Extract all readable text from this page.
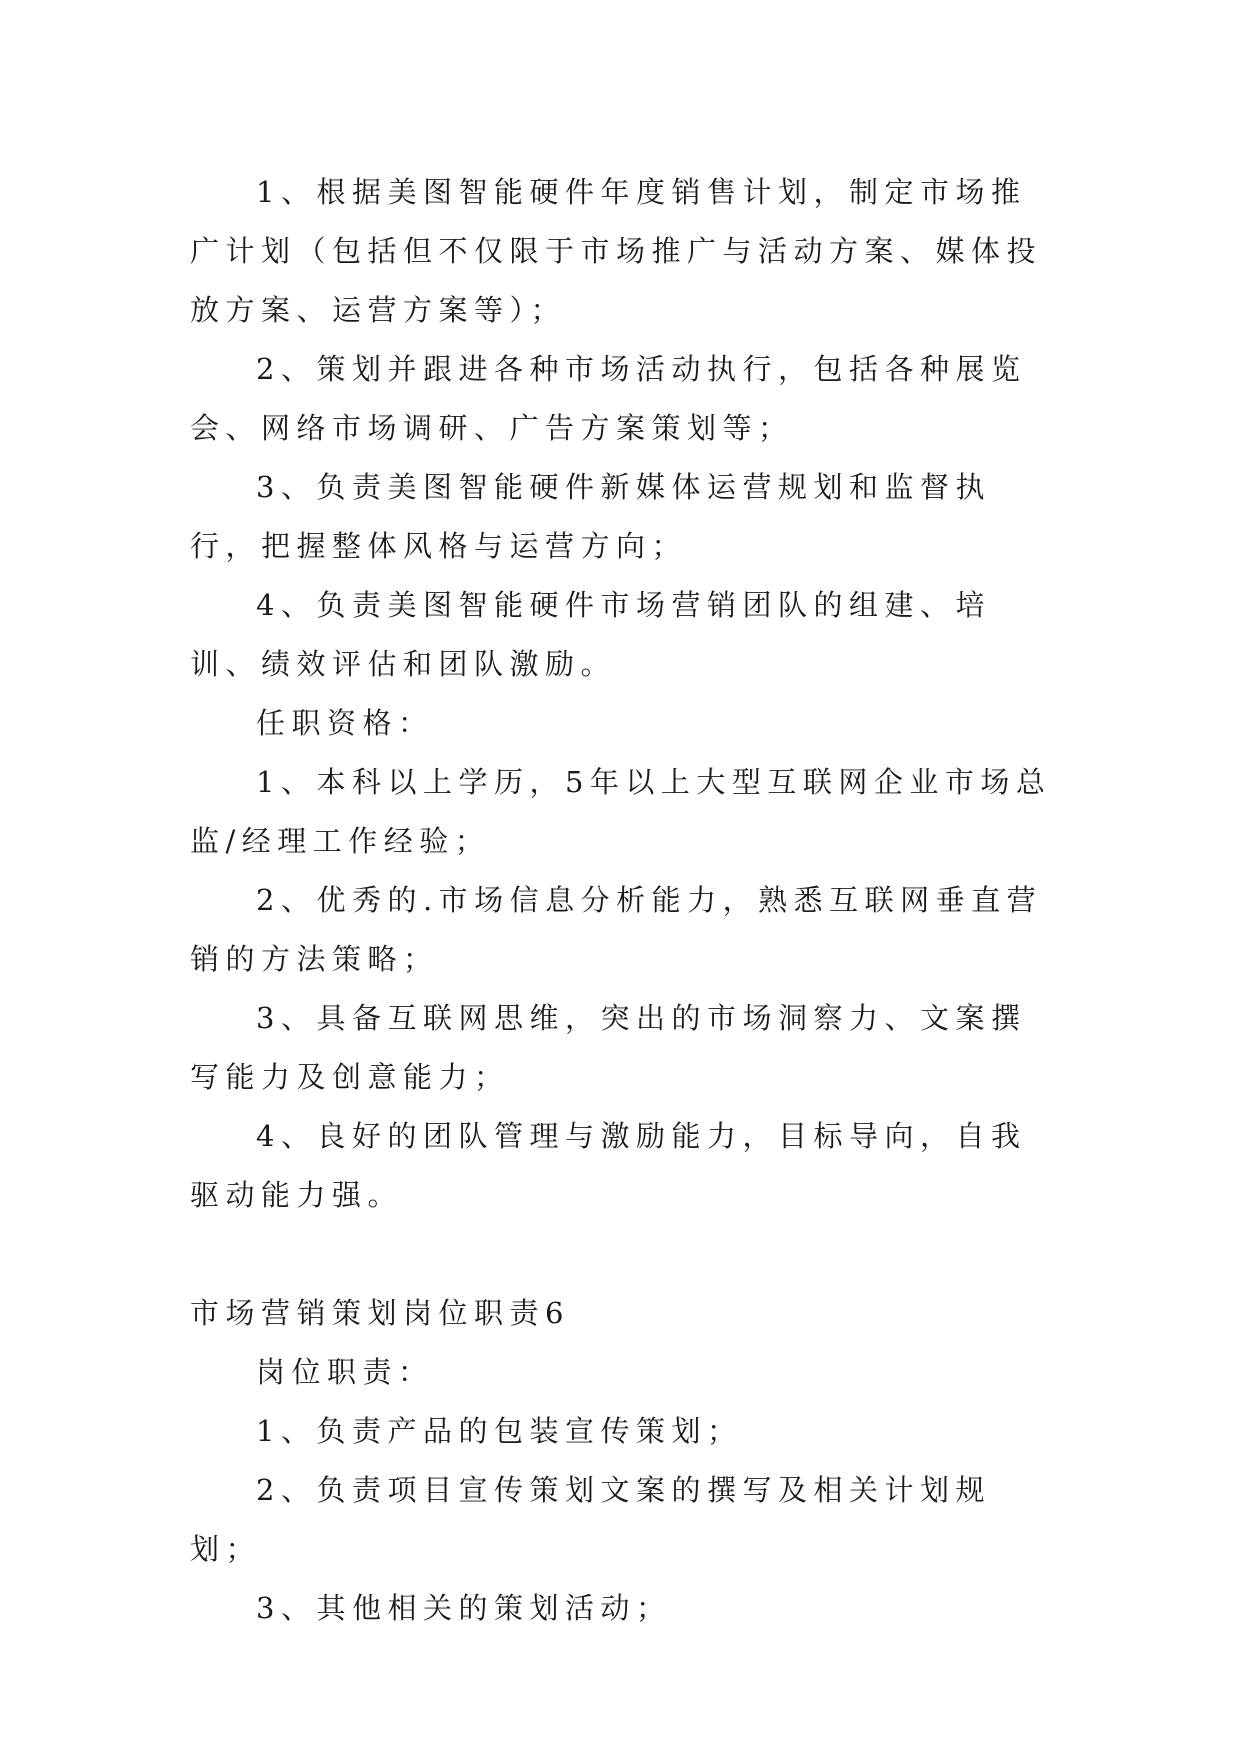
1、根据美图智能硬件年度销售计划，制定市场推广计划（包括但不仅限于市场推广与活动方案、媒体投放方案、运营方案等）；

2、策划并跟进各种市场活动执行，包括各种展览会、网络市场调研、广告方案策划等；

3、负责美图智能硬件新媒体运营规划和监督执行，把握整体风格与运营方向；

4、负责美图智能硬件市场营销团队的组建、培训、绩效评估和团队激励。

任职资格：

1、本科以上学历，5年以上大型互联网企业市场总监/经理工作经验；

2、优秀的.市场信息分析能力，熟悉互联网垂直营销的方法策略；

3、具备互联网思维，突出的市场洞察力、文案撰写能力及创意能力；

4、良好的团队管理与激励能力，目标导向，自我驱动能力强。

市场营销策划岗位职责6

岗位职责：

1、负责产品的包装宣传策划；

2、负责项目宣传策划文案的撰写及相关计划规划；

3、其他相关的策划活动；
